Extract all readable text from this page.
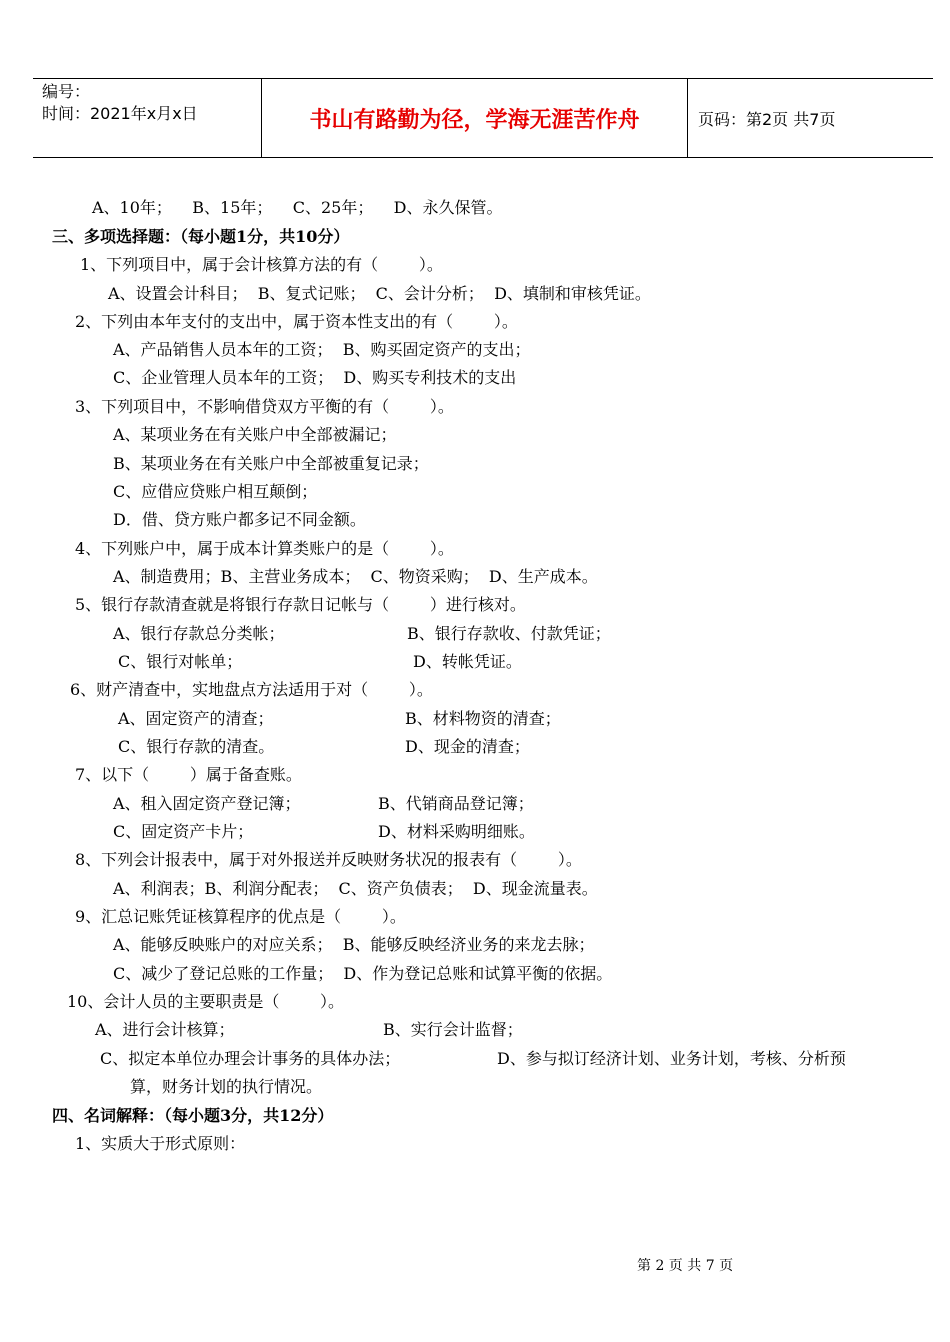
编号：
时间：2021年x月x日	书山有路勤为径，学海无涯苦作舟	页码：第2页 共7页
A、10年；    B、15年；    C、25年；    D、永久保管。
三、多项选择题：（每小题1分，共10分）
1、下列项目中，属于会计核算方法的有（        ）。
A、设置会计科目；  B、复式记账；  C、会计分析；  D、填制和审核凭证。
2、下列由本年支付的支出中，属于资本性支出的有（        ）。
A、产品销售人员本年的工资；  B、购买固定资产的支出；
C、企业管理人员本年的工资；  D、购买专利技术的支出
3、下列项目中，不影响借贷双方平衡的有（        ）。
A、某项业务在有关账户中全部被漏记；
B、某项业务在有关账户中全部被重复记录；
C、应借应贷账户相互颠倒；
D．借、贷方账户都多记不同金额。
4、下列账户中，属于成本计算类账户的是（        ）。
A、制造费用；B、主营业务成本；  C、物资采购；  D、生产成本。
5、银行存款清查就是将银行存款日记帐与（        ）进行核对。
A、银行存款总分类帐；	B、银行存款收、付款凭证；
C、银行对帐单；	D、转帐凭证。
6、财产清查中，实地盘点方法适用于对（        ）。
A、固定资产的清查；	B、材料物资的清查；
C、银行存款的清查。	D、现金的清查；
7、以下（        ）属于备查账。
A、租入固定资产登记簿；	B、代销商品登记簿；
C、固定资产卡片；	D、材料采购明细账。
8、下列会计报表中，属于对外报送并反映财务状况的报表有（        ）。
A、利润表；B、利润分配表；  C、资产负债表；  D、现金流量表。
9、汇总记账凭证核算程序的优点是（        ）。
A、能够反映账户的对应关系；  B、能够反映经济业务的来龙去脉；
C、减少了登记总账的工作量；  D、作为登记总账和试算平衡的依据。
10、会计人员的主要职责是（        ）。
A、进行会计核算；	B、实行会计监督；
C、拟定本单位办理会计事务的具体办法；	D、参与拟订经济计划、业务计划，考核、分析预
算，财务计划的执行情况。
四、名词解释：（每小题3分，共12分）
1、实质大于形式原则：
第 2 页 共 7 页
